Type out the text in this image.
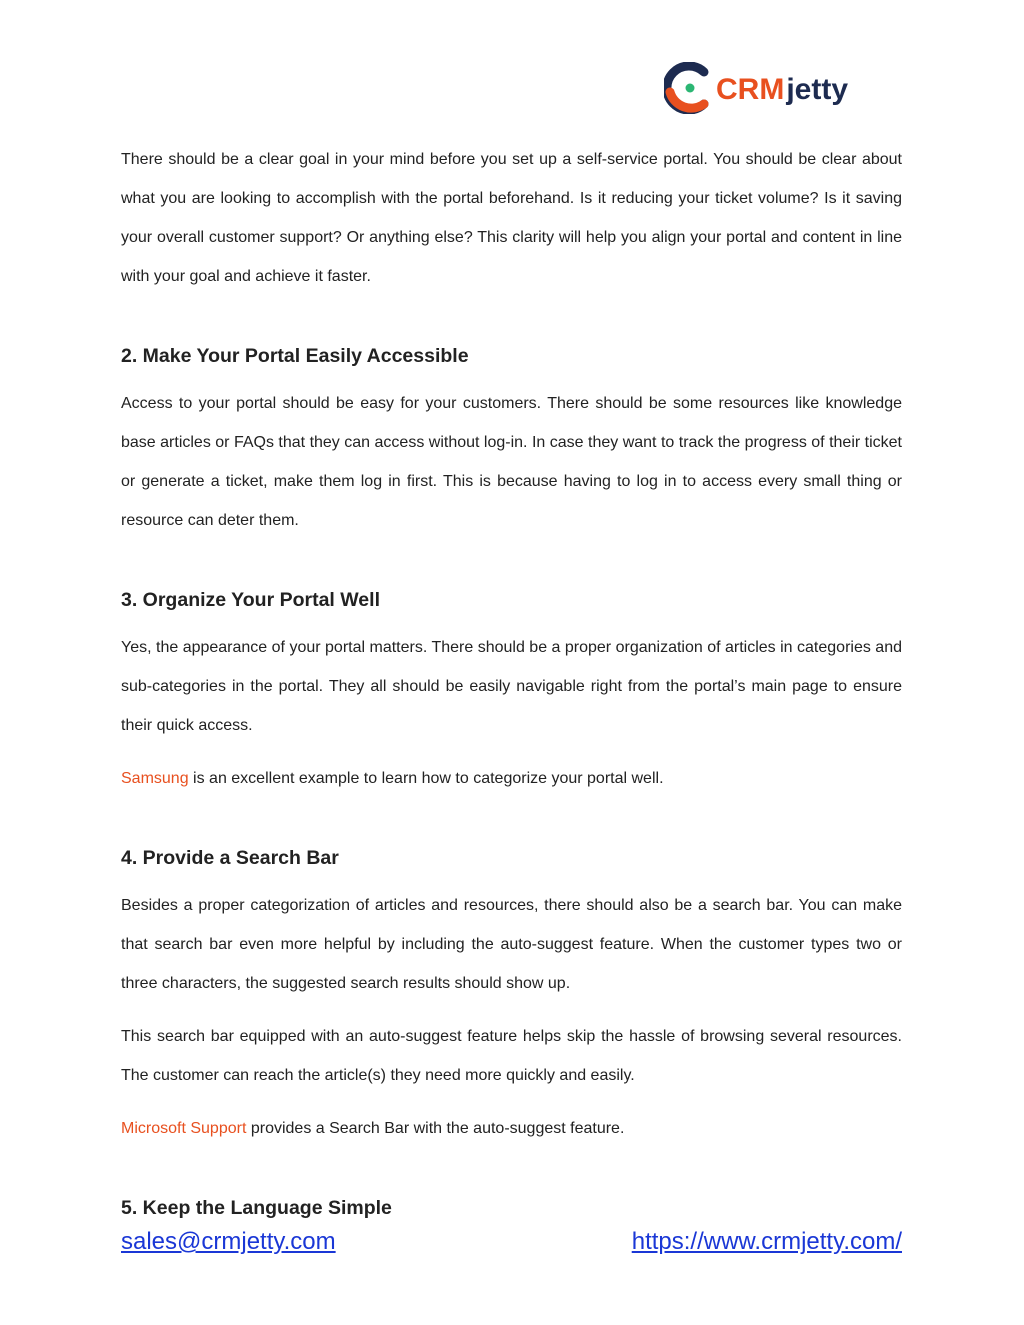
CRM jetty

There should be a clear goal in your mind before you set up a self-service portal. You should be clear about what you are looking to accomplish with the portal beforehand. Is it reducing your ticket volume? Is it saving your overall customer support? Or anything else? This clarity will help you align your portal and content in line with your goal and achieve it faster.

2. Make Your Portal Easily Accessible

Access to your portal should be easy for your customers. There should be some resources like knowledge base articles or FAQs that they can access without log-in. In case they want to track the progress of their ticket or generate a ticket, make them log in first. This is because having to log in to access every small thing or resource can deter them.

3. Organize Your Portal Well

Yes, the appearance of your portal matters. There should be a proper organization of articles in categories and sub-categories in the portal. They all should be easily navigable right from the portal’s main page to ensure their quick access.

Samsung is an excellent example to learn how to categorize your portal well.

4. Provide a Search Bar

Besides a proper categorization of articles and resources, there should also be a search bar. You can make that search bar even more helpful by including the auto-suggest feature. When the customer types two or three characters, the suggested search results should show up.

This search bar equipped with an auto-suggest feature helps skip the hassle of browsing several resources. The customer can reach the article(s) they need more quickly and easily.

Microsoft Support provides a Search Bar with the auto-suggest feature.

5. Keep the Language Simple
sales@crmjetty.com	https://www.crmjetty.com/
